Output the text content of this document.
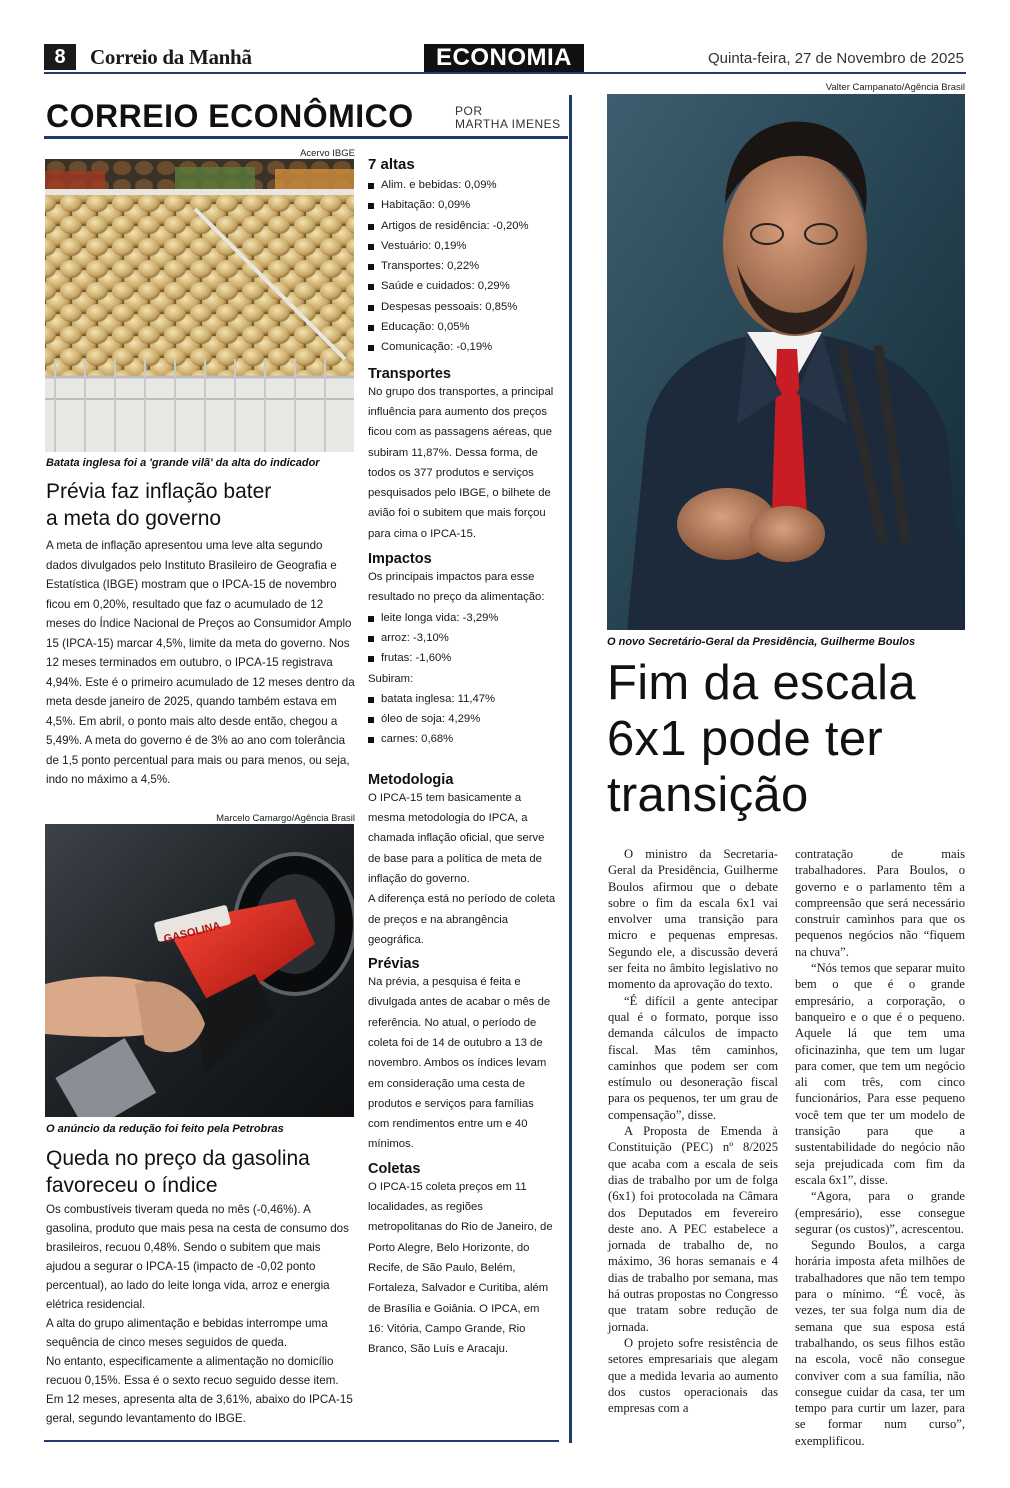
8	Correio da Manhã	ECONOMIA	Quinta-feira, 27 de Novembro de 2025
CORREIO ECONÔMICO	POR
MARTHA IMENES
Acervo IBGE
Batata inglesa foi a 'grande vilã' da alta do indicador
Prévia faz inflação bater
a meta do governo
A meta de inflação apresentou uma leve alta segundo dados divulgados pelo Instituto Brasileiro de Geografia e Estatística (IBGE) mostram que o IPCA-15 de novembro ficou em 0,20%, resultado que faz o acumulado de 12 meses do Índice Nacional de Preços ao Consumidor Amplo 15 (IPCA-15) marcar 4,5%, limite da meta do governo. Nos 12 meses terminados em outubro, o IPCA-15 registrava 4,94%. Este é o primeiro acumulado de 12 meses dentro da meta desde janeiro de 2025, quando também estava em 4,5%. Em abril, o ponto mais alto desde então, chegou a 5,49%. A meta do governo é de 3% ao ano com tolerância de 1,5 ponto percentual para mais ou para menos, ou seja, indo no máximo a 4,5%.
Marcelo Camargo/Agência Brasil
GASOLINA
O anúncio da redução foi feito pela Petrobras
Queda no preço da gasolina
favoreceu o índice
Os combustíveis tiveram queda no mês (-0,46%). A gasolina, produto que mais pesa na cesta de consumo dos brasileiros, recuou 0,48%. Sendo o subitem que mais ajudou a segurar o IPCA-15 (impacto de -0,02 ponto percentual), ao lado do leite longa vida, arroz e energia elétrica residencial.
A alta do grupo alimentação e bebidas interrompe uma sequência de cinco meses seguidos de queda.
No entanto, especificamente a alimentação no domicílio recuou 0,15%. Essa é o sexto recuo seguido desse item. Em 12 meses, apresenta alta de 3,61%, abaixo do IPCA-15 geral, segundo levantamento do IBGE.
7 altas
Alim. e bebidas: 0,09%
Habitação: 0,09%
Artigos de residência: -0,20%
Vestuário: 0,19%
Transportes: 0,22%
Saúde e cuidados: 0,29%
Despesas pessoais: 0,85%
Educação: 0,05%
Comunicação: -0,19%
Transportes
No grupo dos transportes, a principal influência para aumento dos preços ficou com as passagens aéreas, que subiram 11,87%. Dessa forma, de todos os 377 produtos e serviços pesquisados pelo IBGE, o bilhete de avião foi o subitem que mais forçou para cima o IPCA-15.
Impactos
Os principais impactos para esse resultado no preço da alimentação:
leite longa vida: -3,29%
arroz: -3,10%
frutas: -1,60%
Subiram:
batata inglesa: 11,47%
óleo de soja: 4,29%
carnes: 0,68%
Metodologia
O IPCA-15 tem basicamente a mesma metodologia do IPCA, a chamada inflação oficial, que serve de base para a política de meta de inflação do governo.
A diferença está no período de coleta de preços e na abrangência geográfica.
Prévias
Na prévia, a pesquisa é feita e divulgada antes de acabar o mês de referência. No atual, o período de coleta foi de 14 de outubro a 13 de novembro. Ambos os índices levam em consideração uma cesta de produtos e serviços para famílias com rendimentos entre um e 40 mínimos.
Coletas
O IPCA-15 coleta preços em 11 localidades, as regiões metropolitanas do Rio de Janeiro, de Porto Alegre, Belo Horizonte, do Recife, de São Paulo, Belém, Fortaleza, Salvador e Curitiba, além de Brasília e Goiânia. O IPCA, em 16: Vitória, Campo Grande, Rio Branco, São Luís e Aracaju.
Valter Campanato/Agência Brasil
O novo Secretário-Geral da Presidência, Guilherme Boulos
Fim da escala
6x1 pode ter
transição

O ministro da Secretaria-Geral da Presidência, Guilherme Boulos afirmou que o debate sobre o fim da escala 6x1 vai envolver uma transição para micro e pequenas empresas. Segundo ele, a discussão deverá ser feita no âmbito legislativo no momento da aprovação do texto.

“É difícil a gente antecipar qual é o formato, porque isso demanda cálculos de impacto fiscal. Mas têm caminhos, caminhos que podem ser com estímulo ou desoneração fiscal para os pequenos, ter um grau de compensação”, disse.

A Proposta de Emenda à Constituição (PEC) nº 8/2025 que acaba com a escala de seis dias de trabalho por um de folga (6x1) foi protocolada na Câmara dos Deputados em fevereiro deste ano. A PEC estabelece a jornada de trabalho de, no máximo, 36 horas semanais e 4 dias de trabalho por semana, mas há outras propostas no Congresso que tratam sobre redução de jornada.

O projeto sofre resistência de setores empresariais que alegam que a medida levaria ao aumento dos custos operacionais das empresas com a

contratação de mais trabalhadores. Para Boulos, o governo e o parlamento têm a compreensão que será necessário construir caminhos para que os pequenos negócios não “fiquem na chuva”.

“Nós temos que separar muito bem o que é o grande empresário, a corporação, o banqueiro e o que é o pequeno. Aquele lá que tem uma oficinazinha, que tem um lugar para comer, que tem um negócio ali com três, com cinco funcionários, Para esse pequeno você tem que ter um modelo de transição para que a sustentabilidade do negócio não seja prejudicada com fim da escala 6x1”, disse.

“Agora, para o grande (empresário), esse consegue segurar (os custos)”, acrescentou.

Segundo Boulos, a carga horária imposta afeta milhões de trabalhadores que não tem tempo para o mínimo. “É você, às vezes, ter sua folga num dia de semana que sua esposa está trabalhando, os seus filhos estão na escola, você não consegue conviver com a sua família, não consegue cuidar da casa, ter um tempo para curtir um lazer, para se formar num curso”, exemplificou.
